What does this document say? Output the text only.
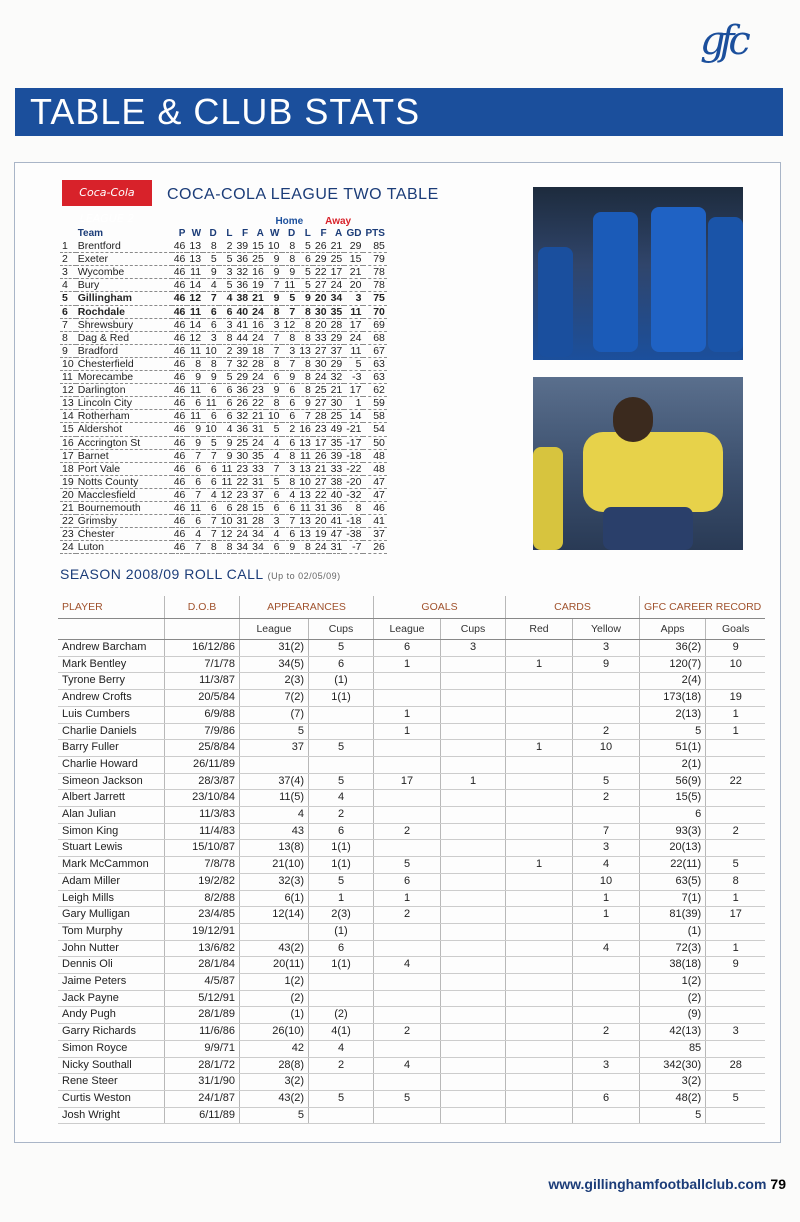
gfc
TABLE & CLUB STATS
Coca-Cola LEAGUE 2
COCA-COLA LEAGUE TWO TABLE
								Home			Away			
	Team	P	W	D	L	F	A	W	D	L	F	A	GD	PTS
1	Brentford	46	13	8	2	39	15	10	8	5	26	21	29	85
2	Exeter	46	13	5	5	36	25	9	8	6	29	25	15	79
3	Wycombe	46	11	9	3	32	16	9	9	5	22	17	21	78
4	Bury	46	14	4	5	36	19	7	11	5	27	24	20	78
5	Gillingham	46	12	7	4	38	21	9	5	9	20	34	3	75
6	Rochdale	46	11	6	6	40	24	8	7	8	30	35	11	70
7	Shrewsbury	46	14	6	3	41	16	3	12	8	20	28	17	69
8	Dag & Red	46	12	3	8	44	24	7	8	8	33	29	24	68
9	Bradford	46	11	10	2	39	18	7	3	13	27	37	11	67
10	Chesterfield	46	8	8	7	32	28	8	7	8	30	29	5	63
11	Morecambe	46	9	9	5	29	24	6	9	8	24	32	-3	63
12	Darlington	46	11	6	6	36	23	9	6	8	25	21	17	62
13	Lincoln City	46	6	11	6	26	22	8	6	9	27	30	1	59
14	Rotherham	46	11	6	6	32	21	10	6	7	28	25	14	58
15	Aldershot	46	9	10	4	36	31	5	2	16	23	49	-21	54
16	Accrington St	46	9	5	9	25	24	4	6	13	17	35	-17	50
17	Barnet	46	7	7	9	30	35	4	8	11	26	39	-18	48
18	Port Vale	46	6	6	11	23	33	7	3	13	21	33	-22	48
19	Notts County	46	6	6	11	22	31	5	8	10	27	38	-20	47
20	Macclesfield	46	7	4	12	23	37	6	4	13	22	40	-32	47
21	Bournemouth	46	11	6	6	28	15	6	6	11	31	36	8	46
22	Grimsby	46	6	7	10	31	28	3	7	13	20	41	-18	41
23	Chester	46	4	7	12	24	34	4	6	13	19	47	-38	37
24	Luton	46	7	8	8	34	34	6	9	8	24	31	-7	26
SEASON 2008/09 ROLL CALL (Up to 02/05/09)
PLAYER	D.O.B	APPEARANCES		GOALS		CARDS		GFC CAREER RECORD	
		League	Cups	League	Cups	Red	Yellow	Apps	Goals
Andrew Barcham	16/12/86	31(2)	5	6	3		3	36(2)	9
Mark Bentley	7/1/78	34(5)	6	1		1	9	120(7)	10
Tyrone Berry	11/3/87	2(3)	(1)					2(4)	
Andrew Crofts	20/5/84	7(2)	1(1)					173(18)	19
Luis Cumbers	6/9/88	(7)		1				2(13)	1
Charlie Daniels	7/9/86	5		1			2	5	1
Barry Fuller	25/8/84	37	5			1	10	51(1)	
Charlie Howard	26/11/89							2(1)	
Simeon Jackson	28/3/87	37(4)	5	17	1		5	56(9)	22
Albert Jarrett	23/10/84	11(5)	4				2	15(5)	
Alan Julian	11/3/83	4	2					6	
Simon King	11/4/83	43	6	2			7	93(3)	2
Stuart Lewis	15/10/87	13(8)	1(1)				3	20(13)	
Mark McCammon	7/8/78	21(10)	1(1)	5		1	4	22(11)	5
Adam Miller	19/2/82	32(3)	5	6			10	63(5)	8
Leigh Mills	8/2/88	6(1)	1	1			1	7(1)	1
Gary Mulligan	23/4/85	12(14)	2(3)	2			1	81(39)	17
Tom Murphy	19/12/91		(1)					(1)	
John Nutter	13/6/82	43(2)	6				4	72(3)	1
Dennis Oli	28/1/84	20(11)	1(1)	4				38(18)	9
Jaime Peters	4/5/87	1(2)						1(2)	
Jack Payne	5/12/91	(2)						(2)	
Andy Pugh	28/1/89	(1)	(2)					(9)	
Garry Richards	11/6/86	26(10)	4(1)	2			2	42(13)	3
Simon Royce	9/9/71	42	4					85	
Nicky Southall	28/1/72	28(8)	2	4			3	342(30)	28
Rene Steer	31/1/90	3(2)						3(2)	
Curtis Weston	24/1/87	43(2)	5	5			6	48(2)	5
Josh Wright	6/11/89	5						5	
www.gillinghamfootballclub.com 79
